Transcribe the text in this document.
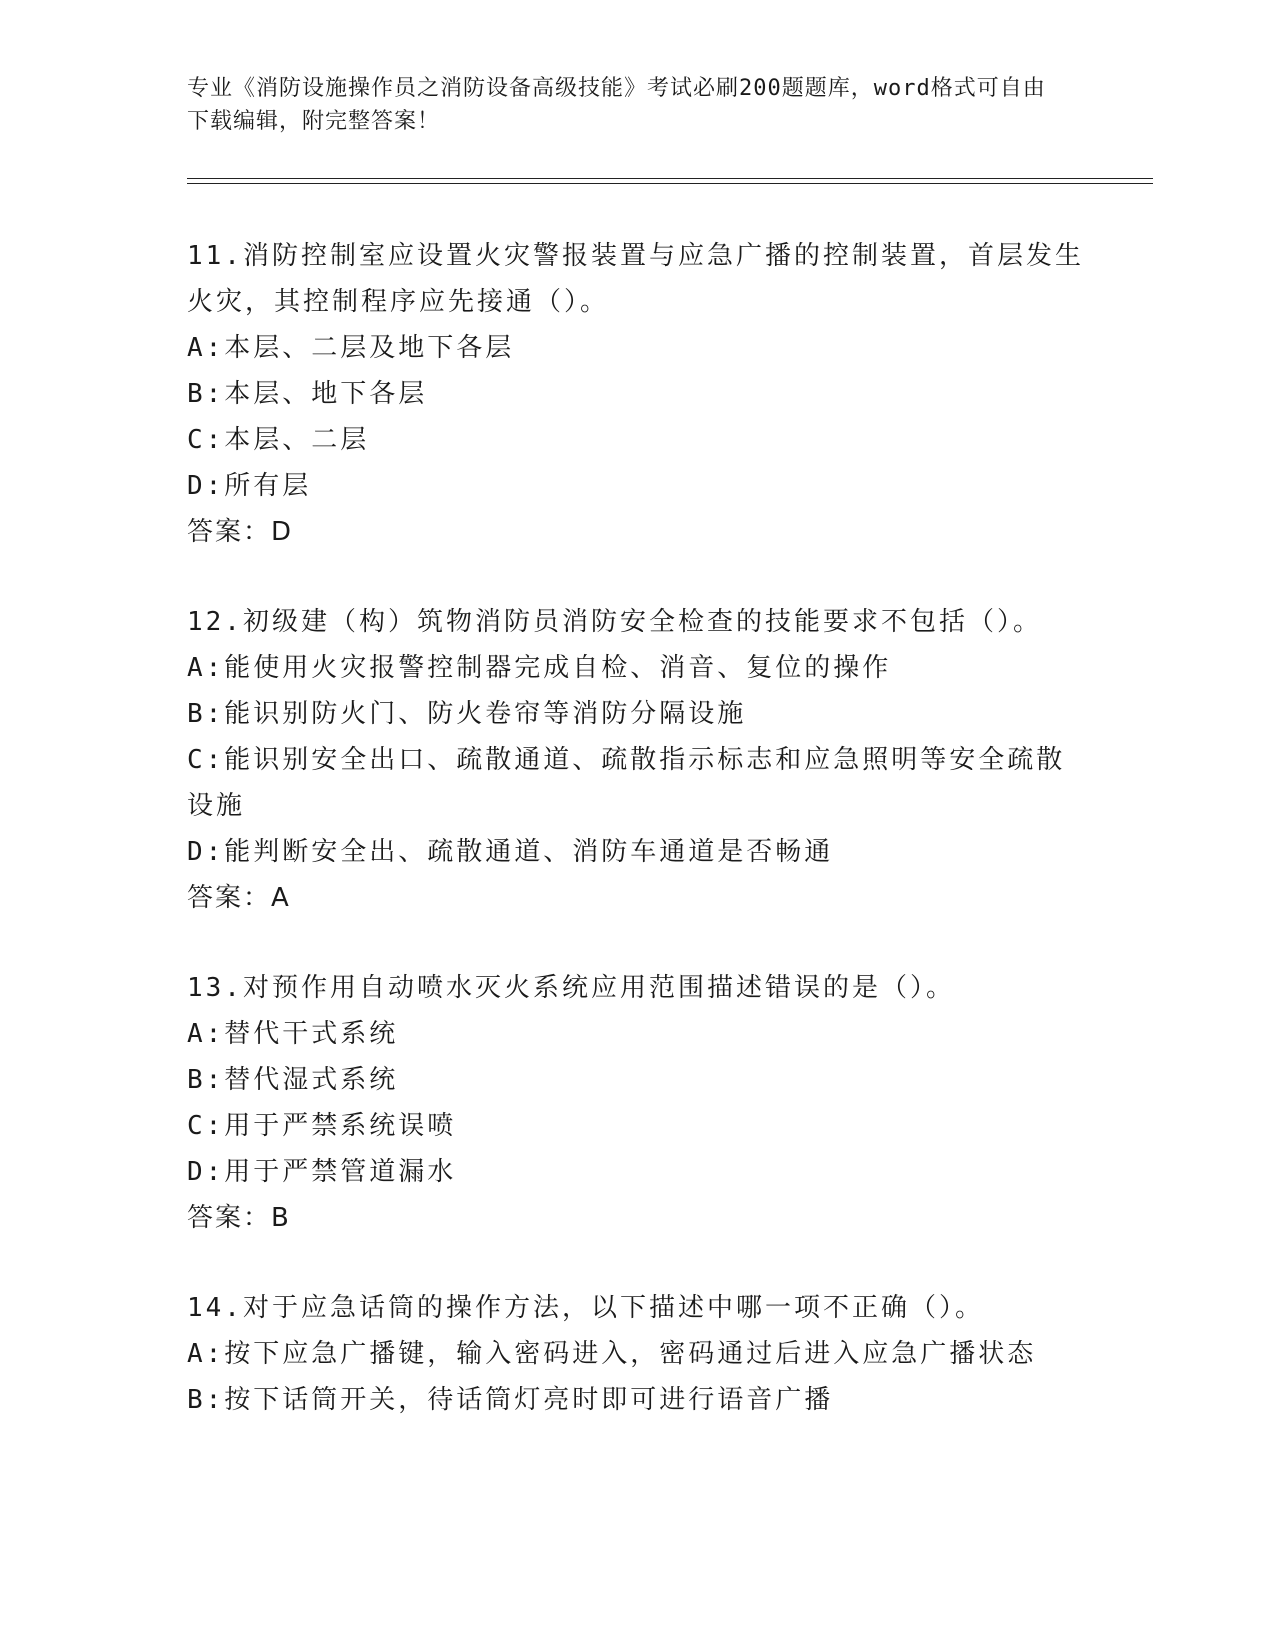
专业《消防设施操作员之消防设备高级技能》考试必刷200题题库，word格式可自由下载编辑，附完整答案！
11.消防控制室应设置火灾警报装置与应急广播的控制装置，首层发生火灾，其控制程序应先接通（）。
A:本层、二层及地下各层
B:本层、地下各层
C:本层、二层
D:所有层
答案：D
12.初级建（构）筑物消防员消防安全检查的技能要求不包括（）。
A:能使用火灾报警控制器完成自检、消音、复位的操作
B:能识别防火门、防火卷帘等消防分隔设施
C:能识别安全出口、疏散通道、疏散指示标志和应急照明等安全疏散设施
D:能判断安全出、疏散通道、消防车通道是否畅通
答案：A
13.对预作用自动喷水灭火系统应用范围描述错误的是（）。
A:替代干式系统
B:替代湿式系统
C:用于严禁系统误喷
D:用于严禁管道漏水
答案：B
14.对于应急话筒的操作方法，以下描述中哪一项不正确（）。
A:按下应急广播键，输入密码进入，密码通过后进入应急广播状态
B:按下话筒开关，待话筒灯亮时即可进行语音广播
